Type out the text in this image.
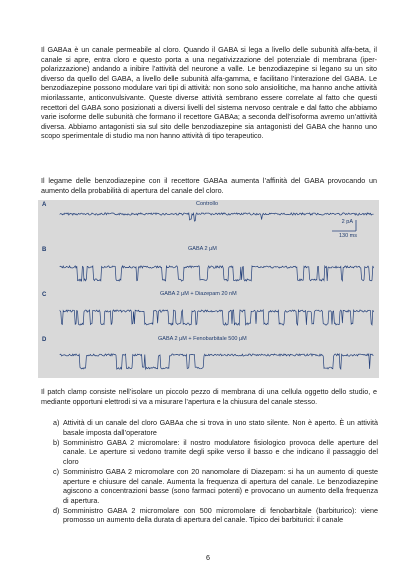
Il GABAa è un canale permeabile al cloro. Quando il GABA si lega a livello delle subunità alfa-beta, il canale si apre, entra cloro e questo porta a una negativizzazione del potenziale di membrana (iper-polarizzazione) andando a inibire l’attività del neurone a valle. Le benzodiazepine si legano su un sito diverso da quello del GABA, a livello delle subunità alfa-gamma, e facilitano l’interazione del GABA. Le benzodiazepine possono modulare vari tipi di attività: non sono solo ansiolitiche, ma hanno anche attività miorilassante, anticonvulsivante. Queste diverse attività sembrano essere correlate al fatto che questi recettori del GABA sono posizionati a diversi livelli del sistema nervoso centrale e dal fatto che abbiamo varie isoforme delle subunità che formano il recettore GABAa; a seconda dell’isoforma avremo un’attività diversa. Abbiamo antagonisti sia sul sito delle benzodiazepine sia antagonisti del GABA che hanno uno scopo sperimentale di studio ma non hanno attività di tipo terapeutico.

Il legame delle benzodiazepine con il recettore GABAa aumenta l’affinità del GABA provocando un aumento della probabilità di apertura del canale del cloro.

A	Controllo
2 pA
130 ms
B	GABA 2 μM
C	GABA 2 μM + Diazepam 20 nM
D	GABA 2 μM + Fenobarbitale 500 μM

Il patch clamp consiste nell’isolare un piccolo pezzo di membrana di una cellula oggetto dello studio, e mediante opportuni elettrodi si va a misurare l’apertura e la chiusura del canale stesso.

a) Attività di un canale del cloro GABAa che si trova in uno stato silente. Non è aperto. È un attività basale imposta dall’operatore
b) Somministro GABA 2 micromolare: il nostro modulatore fisiologico provoca delle aperture del canale. Le aperture si vedono tramite degli spike verso il basso e che indicano il passaggio del cloro
c) Somministro GABA 2 micromolare con 20 nanomolare di Diazepam: si ha un aumento di queste aperture e chiusure del canale. Aumenta la frequenza di apertura del canale. Le benzodiazepine agiscono a concentrazioni basse (sono farmaci potenti) e provocano un aumento della frequenza di apertura.
d) Somministro GABA 2 micromolare con 500 micromolare di fenobarbitale (barbiturico): viene promosso un aumento della durata di apertura del canale. Tipico dei barbiturici: il canale
6
